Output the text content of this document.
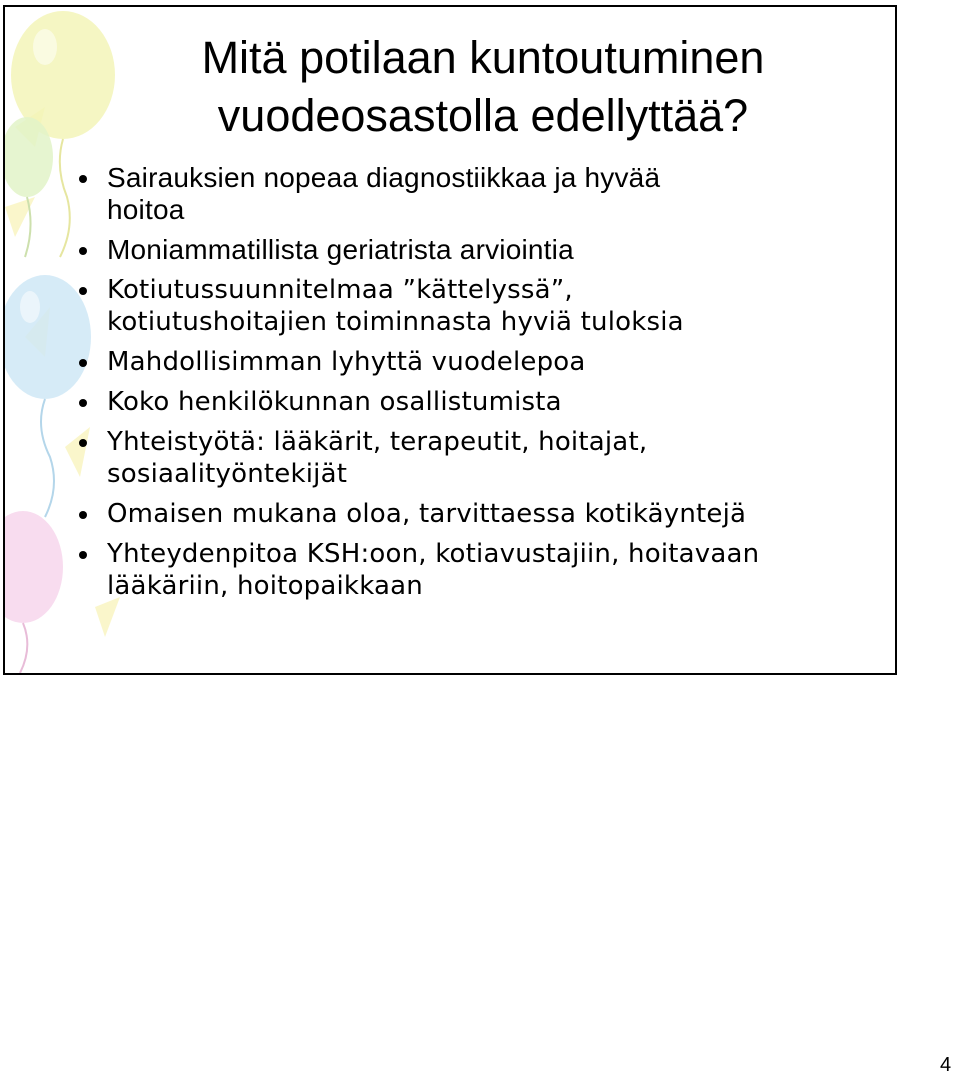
Mitä potilaan kuntoutuminen
vuodeosastolla edellyttää?
Sairauksien nopeaa diagnostiikkaa ja hyvää
hoitoa
Moniammatillista geriatrista arviointia
Kotiutussuunnitelmaa ”kättelyssä”,
kotiutushoitajien toiminnasta hyviä tuloksia
Mahdollisimman lyhyttä vuodelepoa
Koko henkilökunnan osallistumista
Yhteistyötä: lääkärit, terapeutit, hoitajat,
sosiaalityöntekijät
Omaisen mukana oloa, tarvittaessa kotikäyntejä
Yhteydenpitoa KSH:oon, kotiavustajiin, hoitavaan
lääkäriin, hoitopaikkaan
4
